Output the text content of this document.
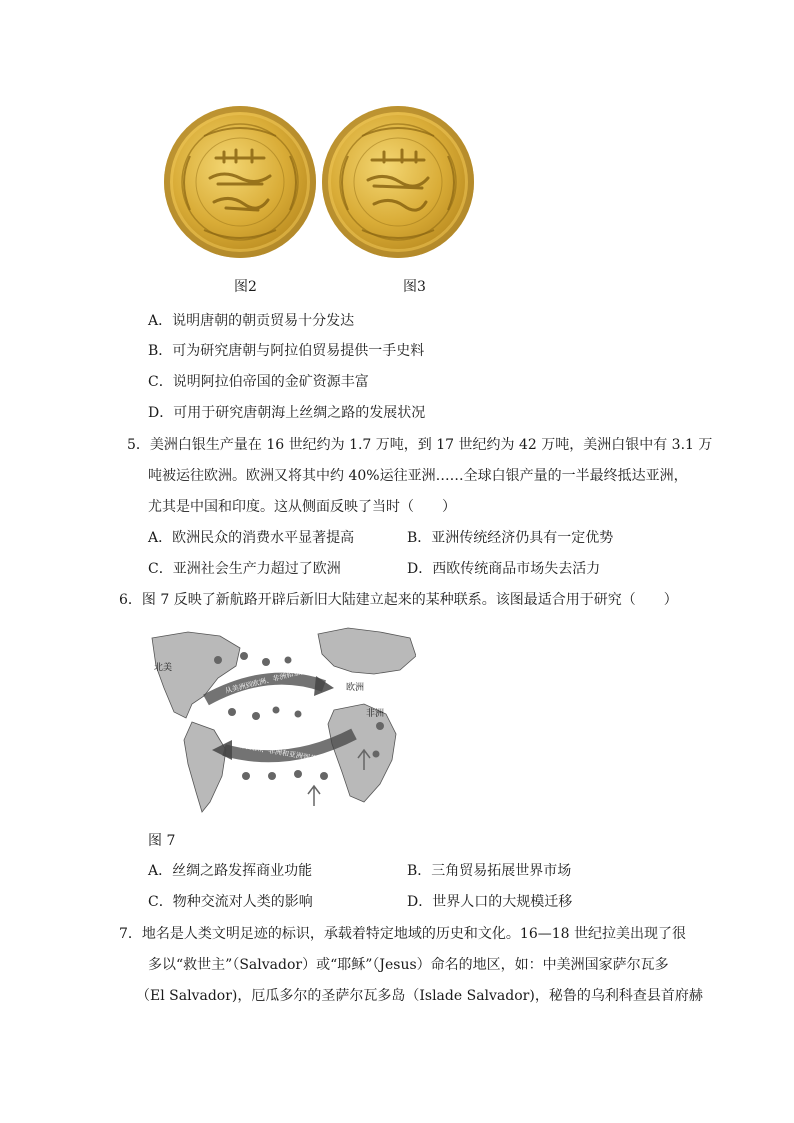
图2	图3
A．说明唐朝的朝贡贸易十分发达
B．可为研究唐朝与阿拉伯贸易提供一手史料
C．说明阿拉伯帝国的金矿资源丰富
D．可用于研究唐朝海上丝绸之路的发展状况
5．美洲白银生产量在 16 世纪约为 1.7 万吨，到 17 世纪约为 42 万吨，美洲白银中有 3.1 万
吨被运往欧洲。欧洲又将其中约 40%运往亚洲……全球白银产量的一半最终抵达亚洲，
尤其是中国和印度。这从侧面反映了当时（　　）
A．欧洲民众的消费水平显著提高	B．亚洲传统经济仍具有一定优势
C．亚洲社会生产力超过了欧洲	D．西欧传统商品市场失去活力
6．图 7 反映了新航路开辟后新旧大陆建立起来的某种联系。该图最适合用于研究（　　）
北美
欧洲
非洲
从美洲到欧洲、非洲和亚洲
从欧洲、非洲和亚洲到美洲
图 7
A．丝绸之路发挥商业功能	B．三角贸易拓展世界市场
C．物种交流对人类的影响	D．世界人口的大规模迁移
7．地名是人类文明足迹的标识，承载着特定地域的历史和文化。16—18 世纪拉美出现了很
多以“救世主”（Salvador）或“耶稣”（Jesus）命名的地区，如：中美洲国家萨尔瓦多
（El Salvador)，厄瓜多尔的圣萨尔瓦多岛（Islade Salvador)，秘鲁的乌利科查县首府赫
